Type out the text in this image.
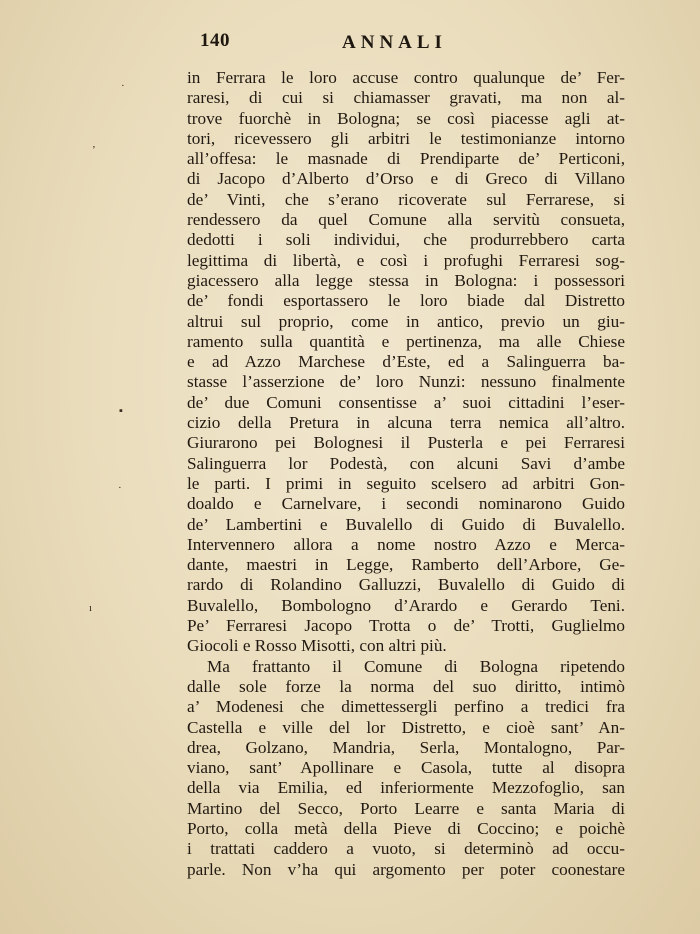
140	ANNALI
·
‚
▪
·
ı
in Ferrara le loro accuse contro qualunque de’ Fer-
raresi, di cui si chiamasser gravati, ma non al-
trove fuorchè in Bologna; se così piacesse agli at-
tori, ricevessero gli arbitri le testimonianze intorno
all’offesa: le masnade di Prendiparte de’ Perticoni,
di Jacopo d’Alberto d’Orso e di Greco di Villano
de’ Vinti, che s’erano ricoverate sul Ferrarese, si
rendessero da quel Comune alla servitù consueta,
dedotti i soli individui, che produrrebbero carta
legittima di libertà, e così i profughi Ferraresi sog-
giacessero alla legge stessa in Bologna: i possessori
de’ fondi esportassero le loro biade dal Distretto
altrui sul proprio, come in antico, previo un giu-
ramento sulla quantità e pertinenza, ma alle Chiese
e ad Azzo Marchese d’Este, ed a Salinguerra ba-
stasse l’asserzione de’ loro Nunzi: nessuno finalmente
de’ due Comuni consentisse a’ suoi cittadini l’eser-
cizio della Pretura in alcuna terra nemica all’altro.
Giurarono pei Bolognesi il Pusterla e pei Ferraresi
Salinguerra lor Podestà, con alcuni Savi d’ambe
le parti. I primi in seguito scelsero ad arbitri Gon-
doaldo e Carnelvare, i secondi nominarono Guido
de’ Lambertini e Buvalello di Guido di Buvalello.
Intervennero allora a nome nostro Azzo e Merca-
dante, maestri in Legge, Ramberto dell’Arbore, Ge-
rardo di Rolandino Galluzzi, Buvalello di Guido di
Buvalello, Bombologno d’Arardo e Gerardo Teni.
Pe’ Ferraresi Jacopo Trotta o de’ Trotti, Guglielmo
Giocoli e Rosso Misotti, con altri più.
Ma frattanto il Comune di Bologna ripetendo
dalle sole forze la norma del suo diritto, intimò
a’ Modenesi che dimettessergli perfino a tredici fra
Castella e ville del lor Distretto, e cioè sant’ An-
drea, Golzano, Mandria, Serla, Montalogno, Par-
viano, sant’ Apollinare e Casola, tutte al disopra
della via Emilia, ed inferiormente Mezzofoglio, san
Martino del Secco, Porto Learre e santa Maria di
Porto, colla metà della Pieve di Coccino; e poichè
i trattati caddero a vuoto, si determinò ad occu-
parle. Non v’ha qui argomento per poter coonestare
